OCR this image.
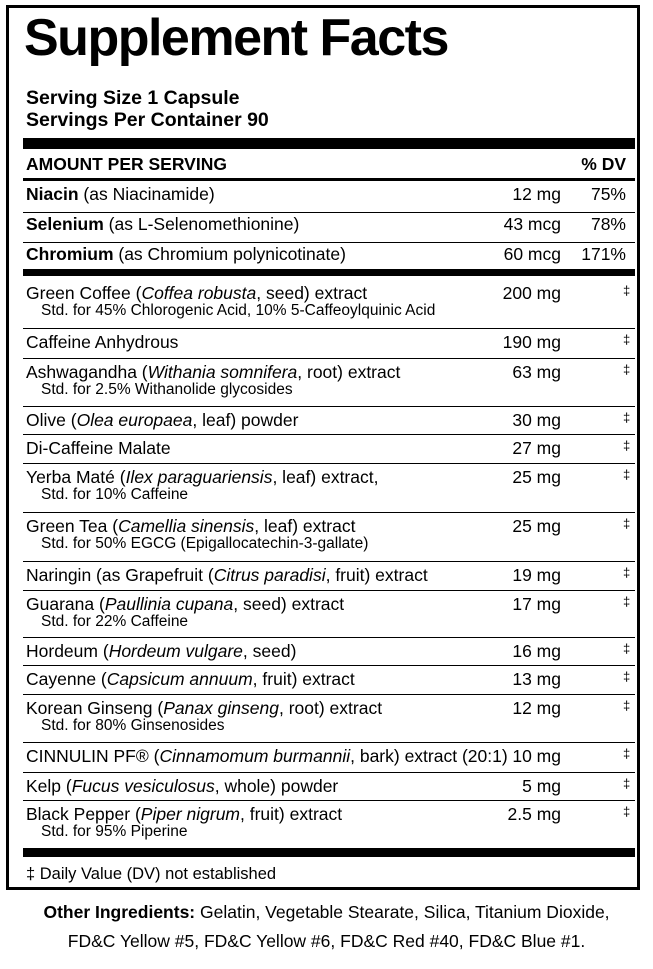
Supplement Facts
Serving Size 1 Capsule
Servings Per Container 90
AMOUNT PER SERVING	% DV
Niacin (as Niacinamide)	12 mg 75%
Selenium (as L-Selenomethionine)	43 mcg 78%
Chromium (as Chromium polynicotinate)	60 mcg 171%
Green Coffee (Coffea robusta, seed) extract
Std. for 45% Chlorogenic Acid, 10% 5-Caffeoylquinic Acid
200 mg	‡
Caffeine Anhydrous	190 mg	‡
Ashwagandha (Withania somnifera, root) extract
Std. for 2.5% Withanolide glycosides
63 mg	‡
Olive (Olea europaea, leaf) powder	30 mg	‡
Di-Caffeine Malate	27 mg	‡
Yerba Maté (Ilex paraguariensis, leaf) extract,
Std. for 10% Caffeine
25 mg	‡
Green Tea (Camellia sinensis, leaf) extract
Std. for 50% EGCG (Epigallocatechin-3-gallate)
25 mg	‡
Naringin (as Grapefruit (Citrus paradisi, fruit) extract	19 mg	‡
Guarana (Paullinia cupana, seed) extract
Std. for 22% Caffeine
17 mg	‡
Hordeum (Hordeum vulgare, seed)	16 mg	‡
Cayenne (Capsicum annuum, fruit) extract	13 mg	‡
Korean Ginseng (Panax ginseng, root) extract
Std. for 80% Ginsenosides
12 mg	‡
CINNULIN PF® (Cinnamomum burmannii, bark) extract (20:1) 10 mg	‡
Kelp (Fucus vesiculosus, whole) powder	5 mg	‡
Black Pepper (Piper nigrum, fruit) extract
Std. for 95% Piperine
2.5 mg	‡
‡ Daily Value (DV) not established
Other Ingredients: Gelatin, Vegetable Stearate, Silica, Titanium Dioxide,
FD&C Yellow #5, FD&C Yellow #6, FD&C Red #40, FD&C Blue #1.
